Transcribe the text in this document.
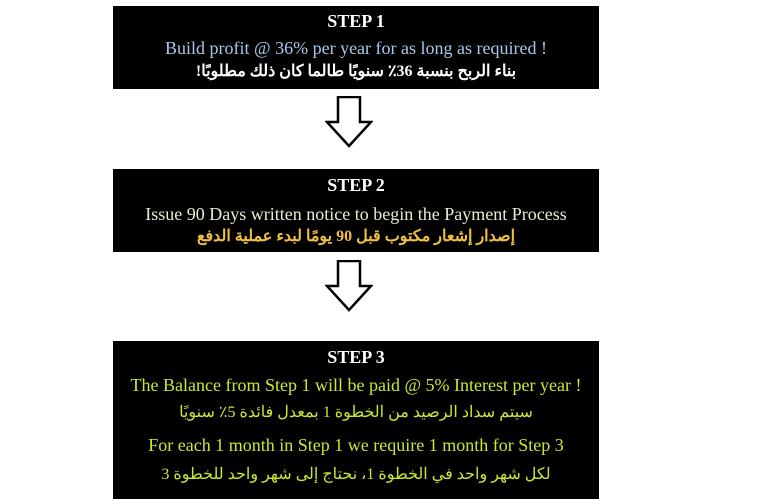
STEP 1
Build profit @ 36% per year for as long as required !
بناء الربح بنسبة 36٪ سنويًا طالما كان ذلك مطلوبًا!
STEP 2
Issue 90 Days written notice to begin the Payment Process
إصدار إشعار مكتوب قبل 90 يومًا لبدء عملية الدفع
STEP 3
The Balance from Step 1 will be paid @ 5% Interest per year !
سيتم سداد الرصيد من الخطوة 1 بمعدل فائدة 5٪ سنويًا
For each 1 month in Step 1 we require 1 month for Step 3
لكل شهر واحد في الخطوة 1، نحتاج إلى شهر واحد للخطوة 3
